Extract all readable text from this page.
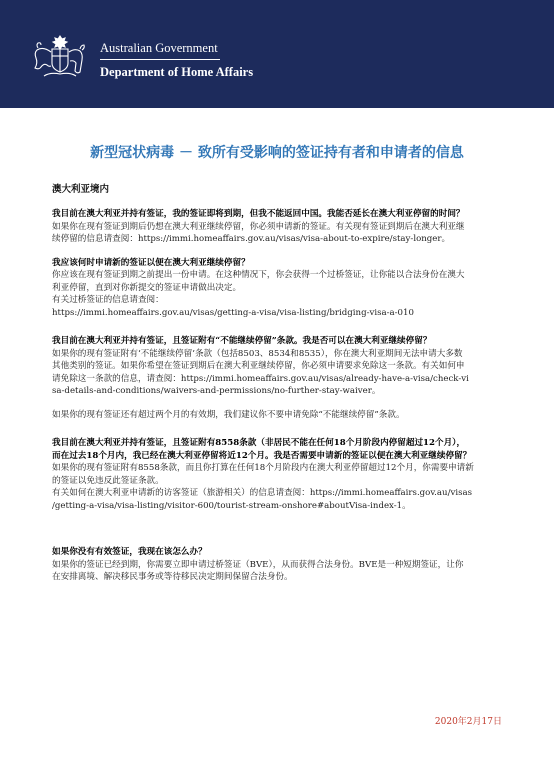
Australian Government
Department of Home Affairs
新型冠状病毒 － 致所有受影响的签证持有者和申请者的信息
澳大利亚境内
我目前在澳大利亚并持有签证，我的签证即将到期，但我不能返回中国。我能否延长在澳大利亚停留的时间？
如果你在现有签证到期后仍想在澳大利亚继续停留，你必须申请新的签证。有关现有签证到期后在澳大利亚继
续停留的信息请查阅：https://immi.homeaffairs.gov.au/visas/visa-about-to-expire/stay-longer。
我应该何时申请新的签证以便在澳大利亚继续停留？
你应该在现有签证到期之前提出一份申请。在这种情况下，你会获得一个过桥签证，让你能以合法身份在澳大
利亚停留，直到对你新提交的签证申请做出决定。
有关过桥签证的信息请查阅：
https://immi.homeaffairs.gov.au/visas/getting-a-visa/visa-listing/bridging-visa-a-010
我目前在澳大利亚并持有签证，且签证附有“不能继续停留”条款。我是否可以在澳大利亚继续停留？
如果你的现有签证附有‘不能继续停留’条款（包括8503、8534和8535），你在澳大利亚期间无法申请大多数
其他类别的签证。如果你希望在签证到期后在澳大利亚继续停留，你必须申请要求免除这一条款。有关如何申
请免除这一条款的信息，请查阅：https://immi.homeaffairs.gov.au/visas/already-have-a-visa/check-vi
sa-details-and-conditions/waivers-and-permissions/no-further-stay-waiver。
如果你的现有签证还有超过两个月的有效期，我们建议你不要申请免除“不能继续停留”条款。
我目前在澳大利亚并持有签证，且签证附有8558条款（非居民不能在任何18个月阶段内停留超过12个月），
而在过去18个月内，我已经在澳大利亚停留将近12个月。我是否需要申请新的签证以便在澳大利亚继续停留？
如果你的现有签证附有8558条款，而且你打算在任何18个月阶段内在澳大利亚停留超过12个月，你需要申请新
的签证以免违反此签证条款。
有关如何在澳大利亚申请新的访客签证（旅游相关）的信息请查阅：https://immi.homeaffairs.gov.au/visas
/getting-a-visa/visa-listing/visitor-600/tourist-stream-onshore#aboutVisa-index-1。
如果你没有有效签证，我现在该怎么办？
如果你的签证已经到期，你需要立即申请过桥签证（BVE），从而获得合法身份。BVE是一种短期签证，让你
在安排离境、解决移民事务或等待移民决定期间保留合法身份。
2020年2月17日
